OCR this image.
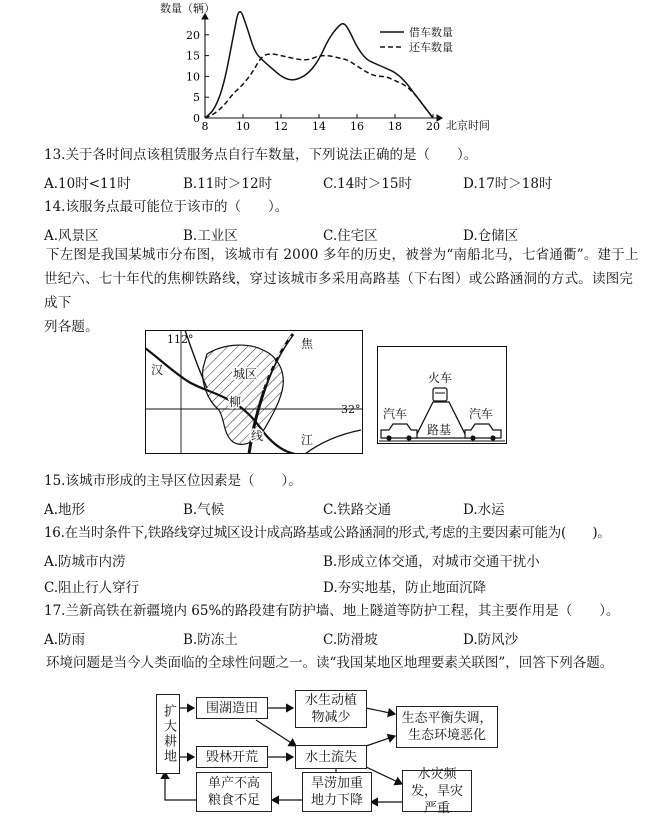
数量（辆）
0
5
10
15
20
8	10 12 14 16 18 20 北京时间
借车数量
还车数量
13.关于各时间点该租赁服务点自行车数量，下列说法正确的是（　　）。
A.10时<11时	B.11时＞12时	C.14时＞15时	D.17时＞18时
14.该服务点最可能位于该市的（　　）。
A.风景区	B.工业区	C.住宅区	D.仓储区
下左图是我国某城市分布图，该城市有 2000 多年的历史，被誉为“南船北马，七省通衢”。建于上
世纪六、七十年代的焦柳铁路线，穿过该城市多采用高路基（下右图）或公路涵洞的方式。读图完成下
列各题。
112°
32°
汉
江
焦
城区
柳
线
火车
路基
汽车	汽车
15.该城市形成的主导区位因素是（　　）。
A.地形	B.气候	C.铁路交通	D.水运
16.在当时条件下,铁路线穿过城区设计成高路基或公路涵洞的形式,考虑的主要因素可能为(　　)。
A.防城市内涝	B.形成立体交通，对城市交通干扰小
C.阻止行人穿行	D.夯实地基，防止地面沉降
17.兰新高铁在新疆境内 65%的路段建有防护墙、地上隧道等防护工程，其主要作用是（　　）。
A.防雨	B.防冻土	C.防滑坡	D.防风沙
环境问题是当今人类面临的全球性问题之一。读“我国某地区地理要素关联图”，回答下列各题。
扩大耕地	围湖造田
毁林开荒
水生动植物减少
水土流失
生态平衡失调，生态环境恶化
水灾频发，旱灾严重
旱涝加重地力下降
单产不高粮食不足
